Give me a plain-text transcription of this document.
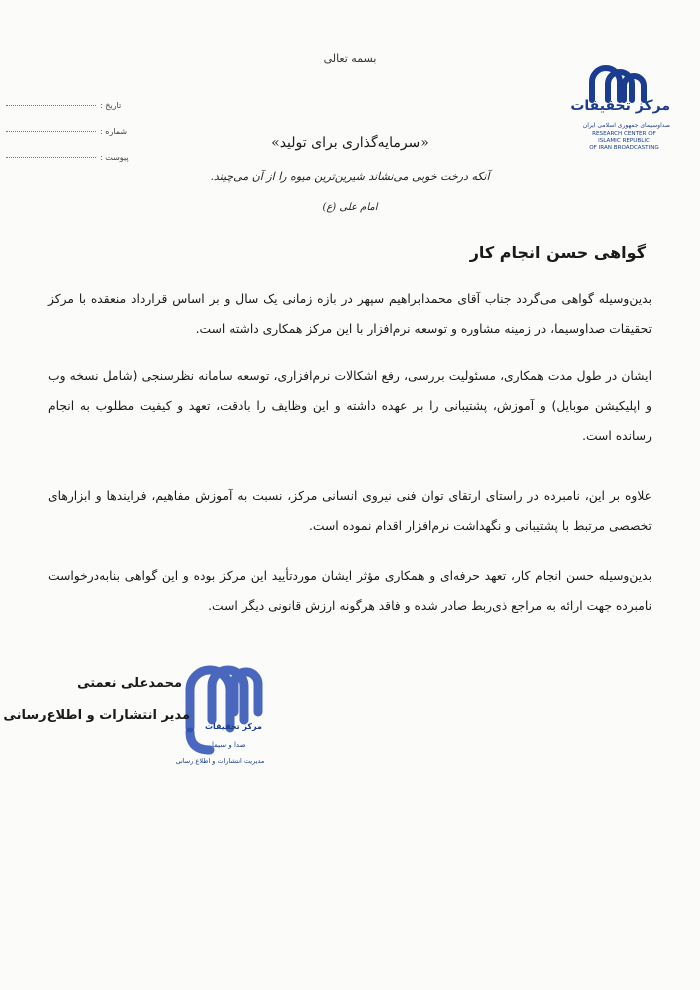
بسمه تعالی
مرکز تحقیقات
صداوسیمای جمهوری اسلامی ایران
RESEARCH CENTER OF
ISLAMIC REPUBLIC
OF IRAN BROADCASTING
: تاریخ
: شماره
: پیوست
«سرمایه‌گذاری برای تولید»
آنکه درخت خوبی می‌نشاند شیرین‌ترین میوه را از آن می‌چیند.
امام علی (ع)
گواهی حسن انجام کار
بدین‌وسیله گواهی می‌گردد جناب آقای محمدابراهیم سپهر در بازه زمانی یک سال و بر اساس قرارداد منعقده با مرکز تحقیقات صداوسیما، در زمینه مشاوره و توسعه نرم‌افزار با این مرکز همکاری داشته است.
ایشان در طول مدت همکاری، مسئولیت بررسی، رفع اشکالات نرم‌افزاری، توسعه سامانه نظرسنجی (شامل نسخه وب و اپلیکیشن موبایل) و آموزش، پشتیبانی را بر عهده داشته و این وظایف را بادقت، تعهد و کیفیت مطلوب به انجام رسانده است.
علاوه بر این، نامبرده در راستای ارتقای توان فنی نیروی انسانی مرکز، نسبت به آموزش مفاهیم، فرایندها و ابزارهای تخصصی مرتبط با پشتیبانی و نگهداشت نرم‌افزار اقدام نموده است.
بدین‌وسیله حسن انجام کار، تعهد حرفه‌ای و همکاری مؤثر ایشان موردتأیید این مرکز بوده و این گواهی بنابه‌درخواست نامبرده جهت ارائه به مراجع ذی‌ربط صادر شده و فاقد هرگونه ارزش قانونی دیگر است.
محمدعلی نعمتی
مدیر انتشارات و اطلاع‌رسانی
مرکز تحقیقات
صدا و سیما
مدیریت انتشارات و اطلاع رسانی
